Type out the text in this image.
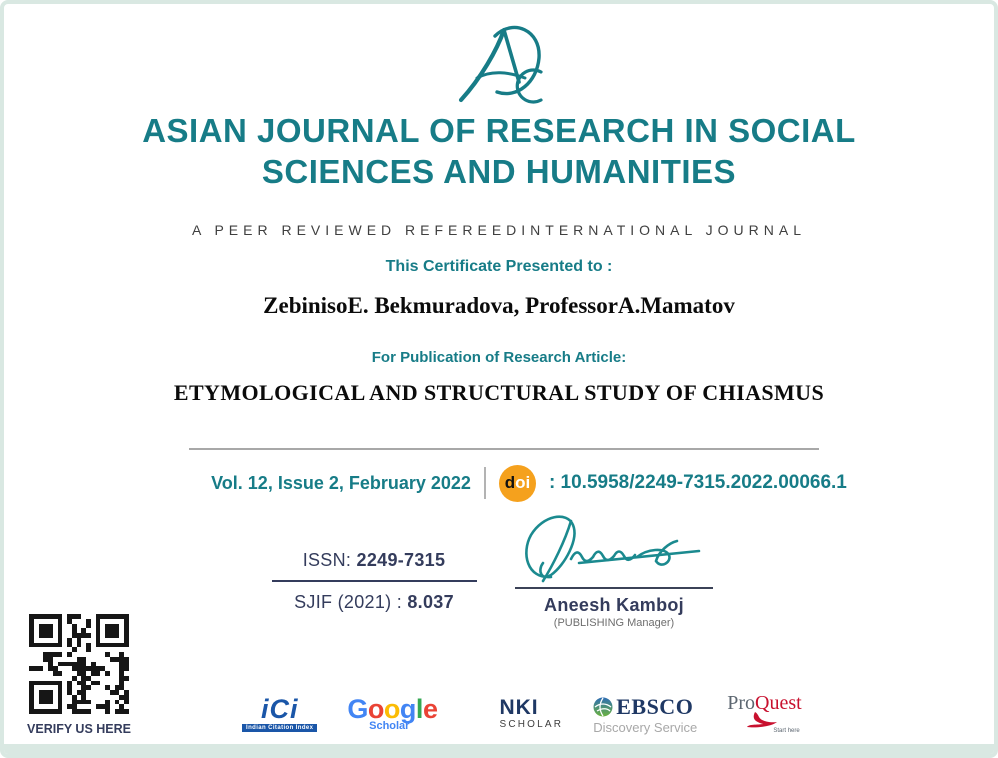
ASIAN JOURNAL OF RESEARCH IN SOCIAL SCIENCES AND HUMANITIES
A PEER REVIEWED REFEREEDINTERNATIONAL JOURNAL
This Certificate Presented to :
ZebinisoE. Bekmuradova, ProfessorA.Mamatov
For Publication of Research Article:
ETYMOLOGICAL AND STRUCTURAL STUDY OF CHIASMUS
Vol. 12, Issue 2, February 2022 d oi : 10.5958/2249-7315.2022.00066.1
ISSN: 2249-7315
SJIF (2021) : 8.037	Aneesh Kamboj
(PUBLISHING Manager)
VERIFY US HERE
iCi
Indian Citation Index
Google
Scholar
NKI
SCHOLAR
EBSCO
Discovery Service
ProQuest
Start here
